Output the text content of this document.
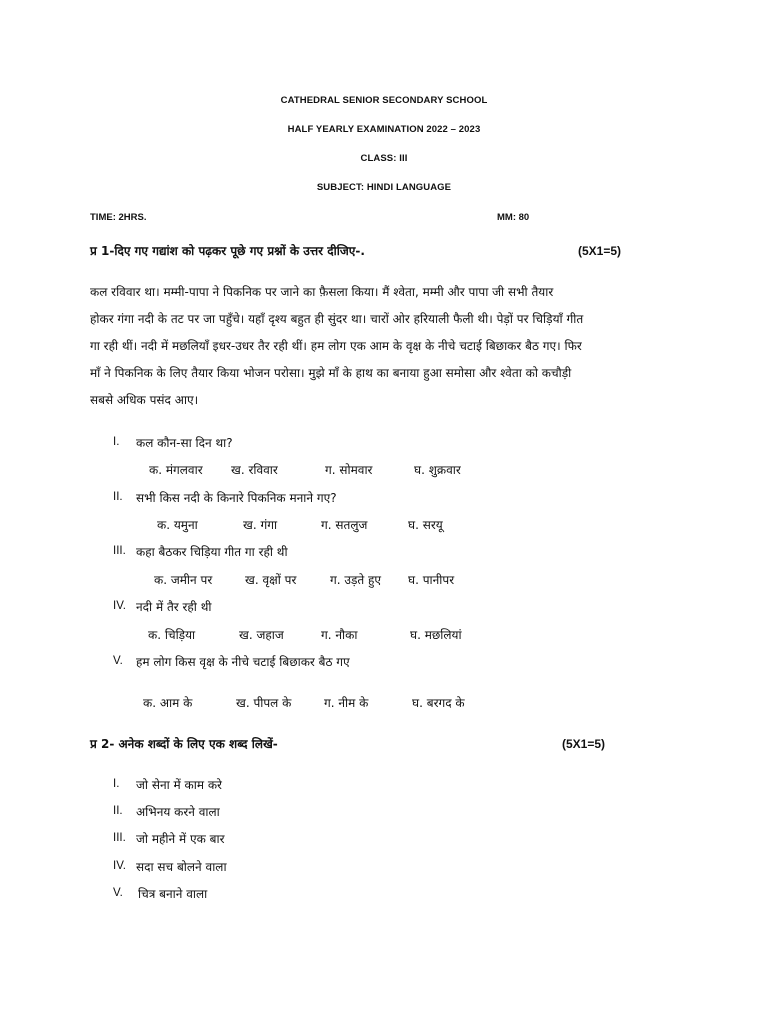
CATHEDRAL SENIOR SECONDARY SCHOOL
HALF YEARLY EXAMINATION 2022 – 2023
CLASS: III
SUBJECT: HINDI LANGUAGE
TIME: 2HRS.	MM: 80
प्र 1-दिए गए गद्यांश को पढ़कर पूछे गए प्रश्नों के उत्तर दीजिए-.	(5X1=5)
कल रविवार था। मम्मी-पापा ने पिकनिक पर जाने का फ़ैसला किया। मैं श्वेता, मम्मी और पापा जी सभी तैयार
होकर गंगा नदी के तट पर जा पहुँचे। यहाँ दृश्य बहुत ही सुंदर था। चारों ओर हरियाली फैली थी। पेड़ों पर चिड़ियाँ गीत
गा रही थीं। नदी में मछलियाँ इधर-उधर तैर रही थीं। हम लोग एक आम के वृक्ष के नीचे चटाई बिछाकर बैठ गए। फिर
माँ ने पिकनिक के लिए तैयार किया भोजन परोसा। मुझे माँ के हाथ का बनाया हुआ समोसा और श्वेता को कचौड़ी
सबसे अधिक पसंद आए।
I. कल कौन-सा दिन था?
क. मंगलवार ख. रविवार	ग. सोमवार	घ. शुक्रवार
II. सभी किस नदी के किनारे पिकनिक मनाने गए?
क. यमुना	ख. गंगा	ग. सतलुज	घ. सरयू
III. कहा बैठकर चिड़िया गीत गा रही थी
क. जमीन पर	ख. वृक्षों पर	ग. उड़ते हुए घ. पानीपर
IV. नदी में तैर रही थी
क. चिड़िया	ख. जहाज	ग. नौका	घ. मछलियां
V. हम लोग किस वृक्ष के नीचे चटाई बिछाकर बैठ गए
क. आम के	ख. पीपल के	ग. नीम के	घ. बरगद के
प्र 2- अनेक शब्दों के लिए एक शब्द लिखें-	(5X1=5)
I. जो सेना में काम करे
II. अभिनय करने वाला
III. जो महीने में एक बार
IV. सदा सच बोलने वाला
V. चित्र बनाने वाला
